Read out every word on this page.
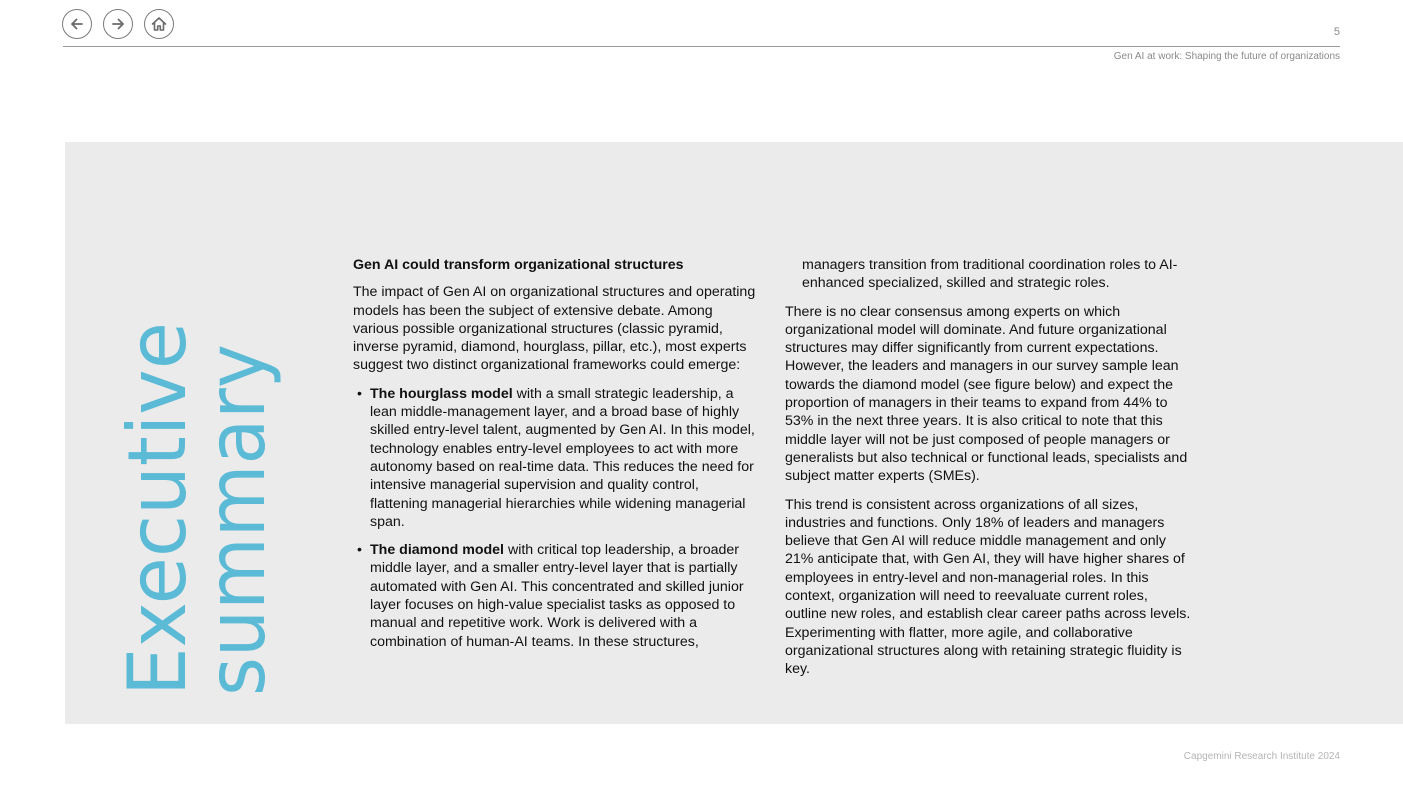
5
Gen AI at work: Shaping the future of organizations
Executive
summary

Gen AI could transform organizational structures

The impact of Gen AI on organizational structures and operating models has been the subject of extensive debate. Among various possible organizational structures (classic pyramid, inverse pyramid, diamond, hourglass, pillar, etc.), most experts suggest two distinct organizational frameworks could emerge:

• The hourglass model with a small strategic leadership, a lean middle-management layer, and a broad base of highly skilled entry-level talent, augmented by Gen AI. In this model, technology enables entry-level employees to act with more autonomy based on real-time data. This reduces the need for intensive managerial supervision and quality control, flattening managerial hierarchies while widening managerial span.
• The diamond model with critical top leadership, a broader middle layer, and a smaller entry-level layer that is partially automated with Gen AI. This concentrated and skilled junior layer focuses on high-value specialist tasks as opposed to manual and repetitive work. Work is delivered with a combination of human-AI teams. In these structures,

managers transition from traditional coordination roles to AI-enhanced specialized, skilled and strategic roles.

There is no clear consensus among experts on which organizational model will dominate. And future organizational structures may differ significantly from current expectations. However, the leaders and managers in our survey sample lean towards the diamond model (see figure below) and expect the proportion of managers in their teams to expand from 44% to 53% in the next three years. It is also critical to note that this middle layer will not be just composed of people managers or generalists but also technical or functional leads, specialists and subject matter experts (SMEs).

This trend is consistent across organizations of all sizes, industries and functions. Only 18% of leaders and managers believe that Gen AI will reduce middle management and only 21% anticipate that, with Gen AI, they will have higher shares of employees in entry-level and non-managerial roles. In this context, organization will need to reevaluate current roles, outline new roles, and establish clear career paths across levels. Experimenting with flatter, more agile, and collaborative organizational structures along with retaining strategic fluidity is key.

Capgemini Research Institute 2024
